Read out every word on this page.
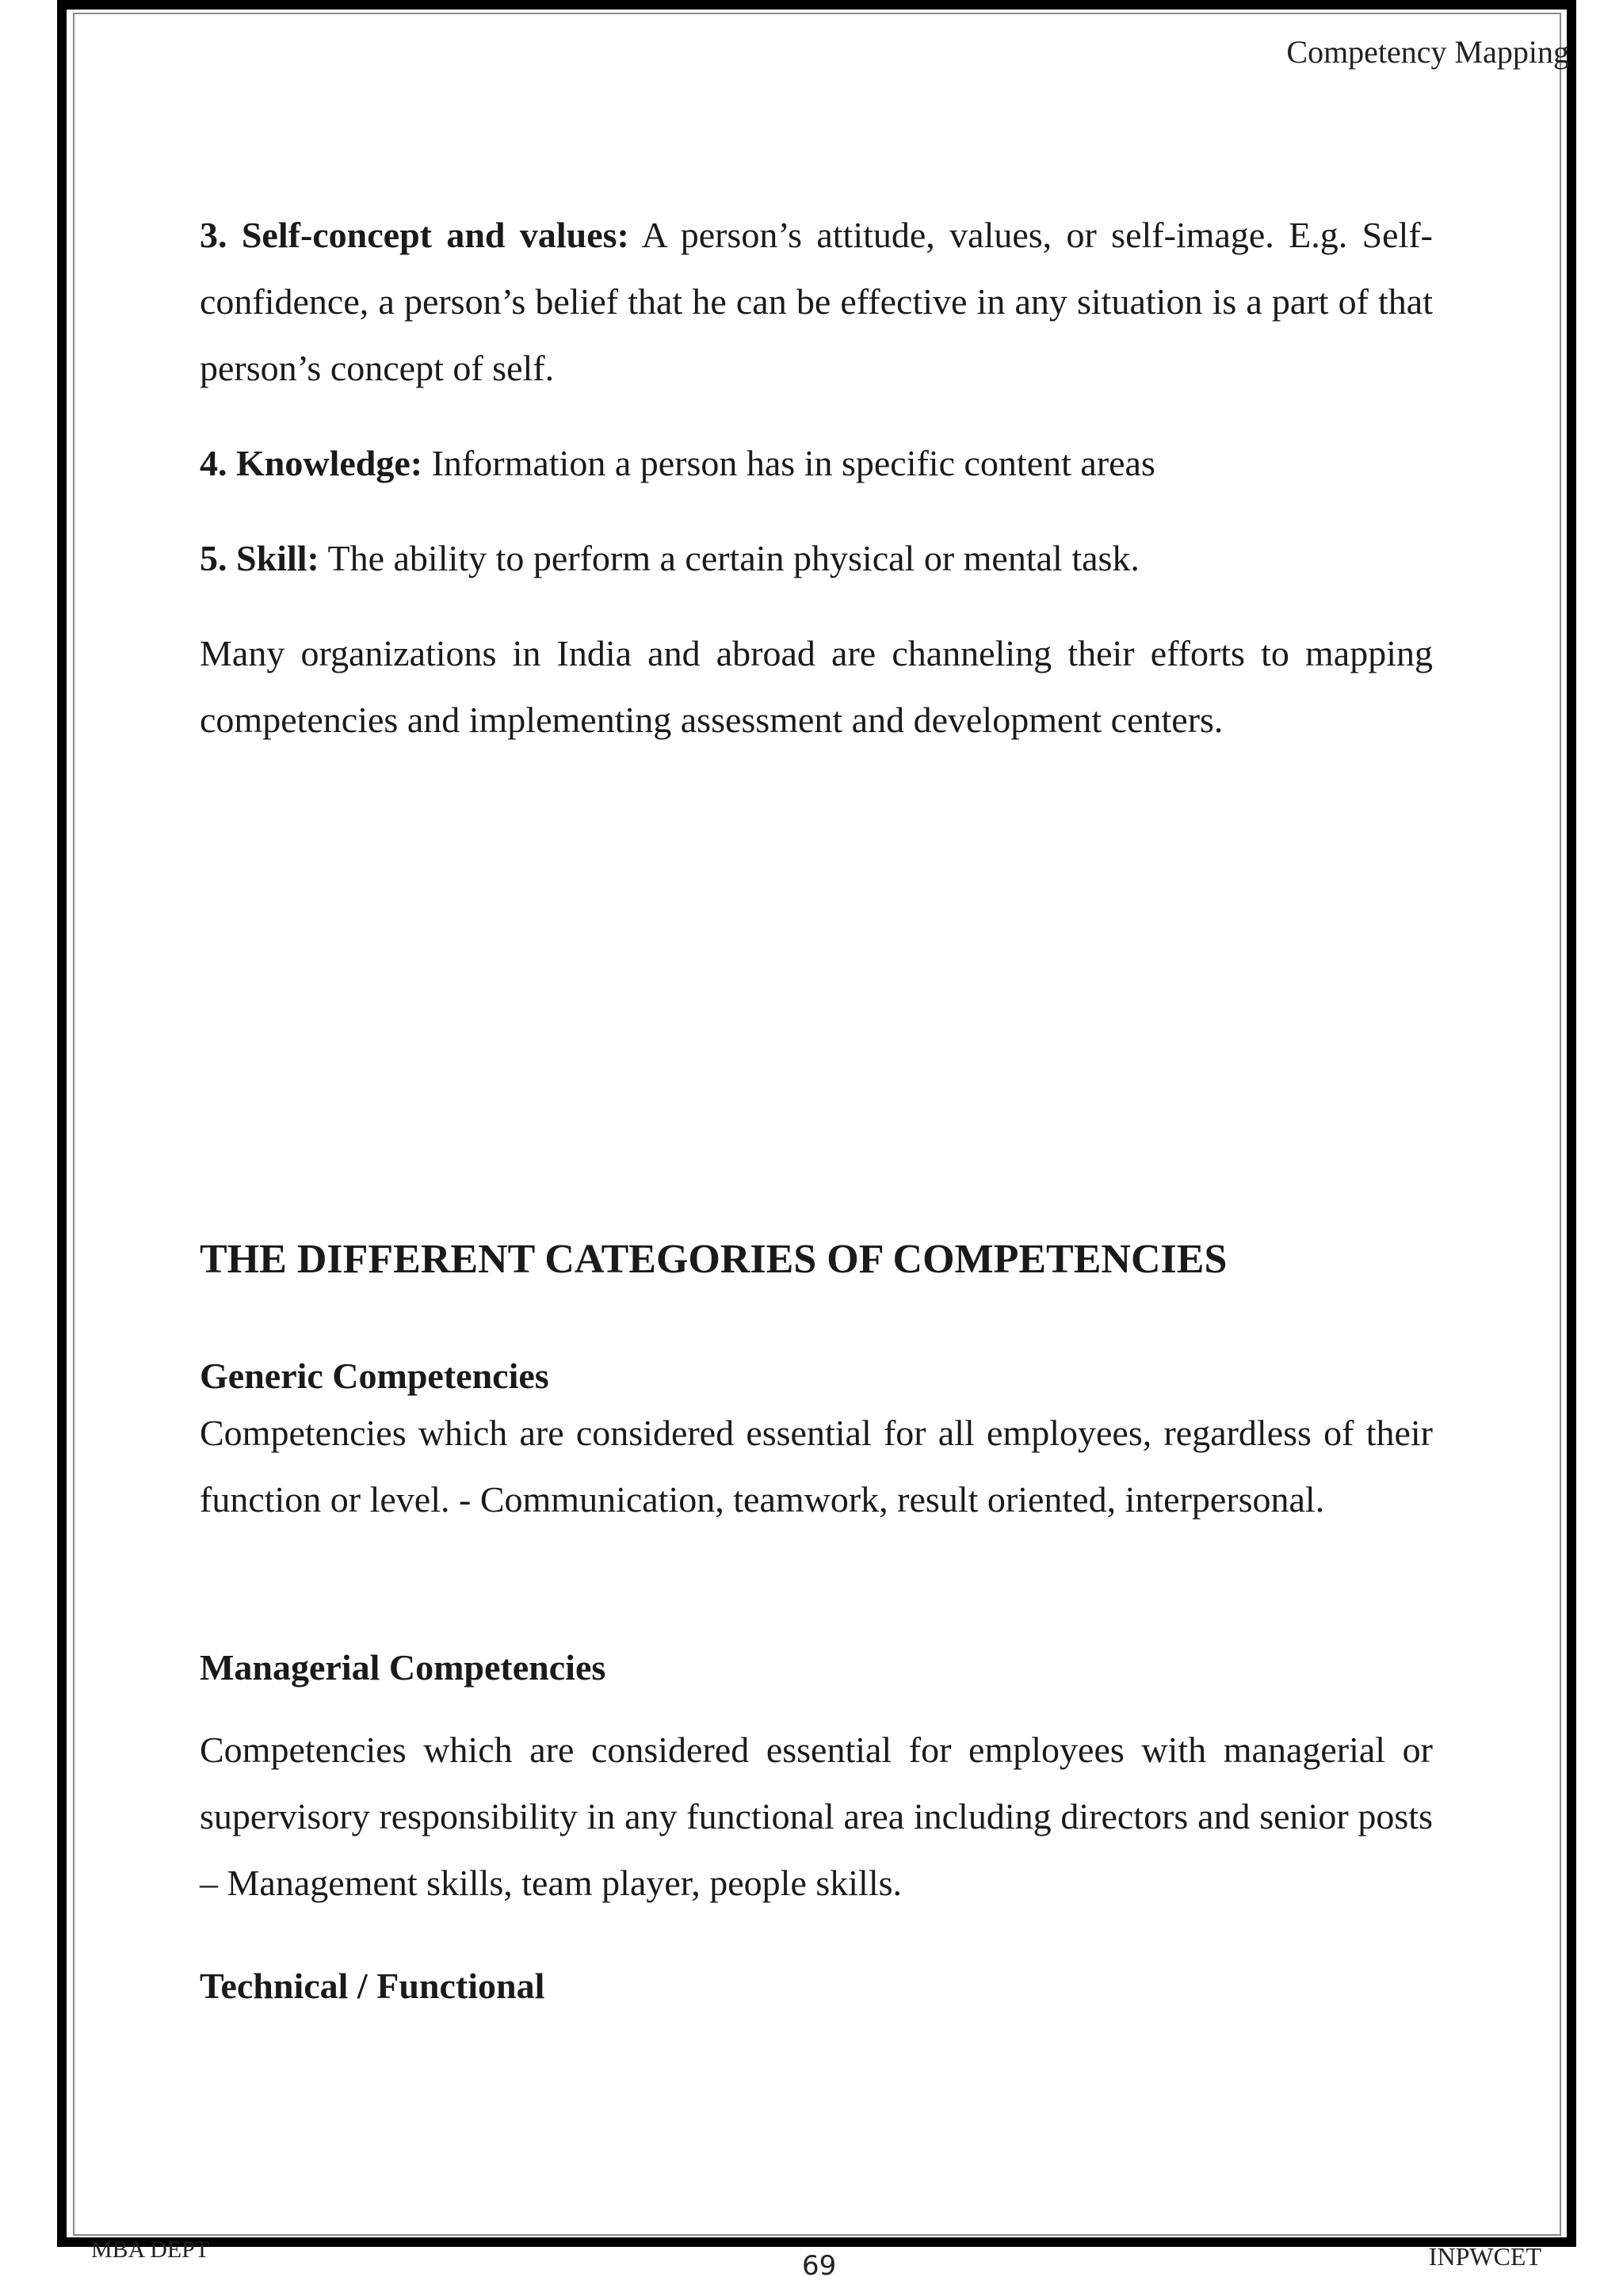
Competency Mapping

3. Self-concept and values: A person’s attitude, values, or self-image. E.g. Self-confidence, a person’s belief that he can be effective in any situation is a part of that person’s concept of self.

4. Knowledge: Information a person has in specific content areas

5. Skill: The ability to perform a certain physical or mental task.

Many organizations in India and abroad are channeling their efforts to mapping competencies and implementing assessment and development centers.

THE DIFFERENT CATEGORIES OF COMPETENCIES

Generic Competencies

Competencies which are considered essential for all employees, regardless of their function or level. - Communication, teamwork, result oriented, interpersonal.

Managerial Competencies

Competencies which are considered essential for employees with managerial or supervisory responsibility in any functional area including directors and senior posts – Management skills, team player, people skills.

Technical / Functional

MBA DEPT
69	INPWCET
